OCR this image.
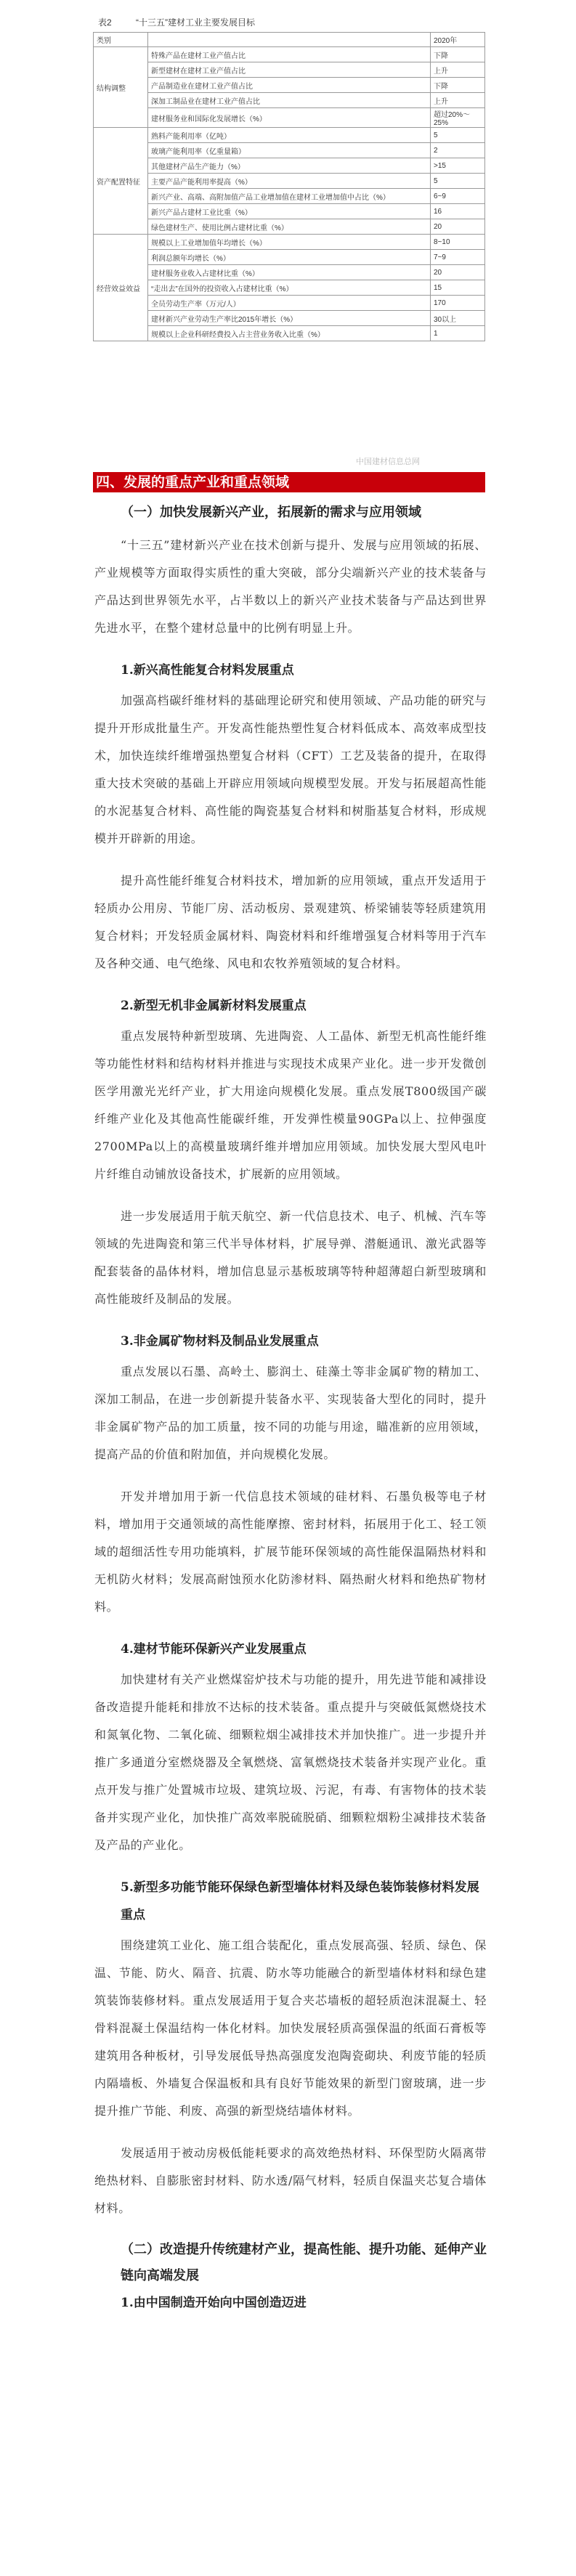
表2	“十三五”建材工业主要发展目标
类别		2020年
结构调整	特殊产品在建材工业产值占比	下降
	新型建材在建材工业产值占比	上升
	产品制造业在建材工业产值占比	下降
	深加工制品业在建材工业产值占比	上升
	建材服务业和国际化发展增长（%）	超过20%～25%
资产配置特征	熟料产能利用率（亿吨）	5
	玻璃产能利用率（亿重量箱）	2
	其他建材产品生产能力（%）	>15
	主要产品产能利用率提高（%）	5
	新兴产业、高端、高附加值产品工业增加值在建材工业增加值中占比（%）	6~9
	新兴产品占建材工业比重（%）	16
	绿色建材生产、使用比例占建材比重（%）	20
经营效益效益	规模以上工业增加值年均增长（%）	8~10
	利润总额年均增长（%）	7~9
	建材服务业收入占建材比重（%）	20
	“走出去”在国外的投资收入占建材比重（%）	15
	全员劳动生产率（万元/人）	170
	建材新兴产业劳动生产率比2015年增长（%）	30以上
	规模以上企业科研经费投入占主营业务收入比重（%）	1
中国建材信息总网
四、发展的重点产业和重点领域
（一）加快发展新兴产业，拓展新的需求与应用领域
“十三五”建材新兴产业在技术创新与提升、发展与应用领域的拓展、产业规模等方面取得实质性的重大突破，部分尖端新兴产业的技术装备与产品达到世界领先水平，占半数以上的新兴产业技术装备与产品达到世界先进水平，在整个建材总量中的比例有明显上升。
1.新兴高性能复合材料发展重点
加强高档碳纤维材料的基础理论研究和使用领域、产品功能的研究与提升开形成批量生产。开发高性能热塑性复合材料低成本、高效率成型技术，加快连续纤维增强热塑复合材料（CFT）工艺及装备的提升，在取得重大技术突破的基础上开辟应用领域向规模型发展。开发与拓展超高性能的水泥基复合材料、高性能的陶瓷基复合材料和树脂基复合材料，形成规模并开辟新的用途。
提升高性能纤维复合材料技术，增加新的应用领域，重点开发适用于轻质办公用房、节能厂房、活动板房、景观建筑、桥梁铺装等轻质建筑用复合材料；开发轻质金属材料、陶瓷材料和纤维增强复合材料等用于汽车及各种交通、电气绝缘、风电和农牧养殖领域的复合材料。
2.新型无机非金属新材料发展重点
重点发展特种新型玻璃、先进陶瓷、人工晶体、新型无机高性能纤维等功能性材料和结构材料并推进与实现技术成果产业化。进一步开发微创医学用激光光纤产业，扩大用途向规模化发展。重点发展T800级国产碳纤维产业化及其他高性能碳纤维，开发弹性模量90GPa以上、拉伸强度2700MPa以上的高模量玻璃纤维并增加应用领域。加快发展大型风电叶片纤维自动铺放设备技术，扩展新的应用领域。
进一步发展适用于航天航空、新一代信息技术、电子、机械、汽车等领域的先进陶瓷和第三代半导体材料，扩展导弹、潜艇通讯、激光武器等配套装备的晶体材料，增加信息显示基板玻璃等特种超薄超白新型玻璃和高性能玻纤及制品的发展。
3.非金属矿物材料及制品业发展重点
重点发展以石墨、高岭土、膨润土、硅藻土等非金属矿物的精加工、深加工制品，在进一步创新提升装备水平、实现装备大型化的同时，提升非金属矿物产品的加工质量，按不同的功能与用途，瞄准新的应用领域，提高产品的价值和附加值，并向规模化发展。
开发并增加用于新一代信息技术领域的硅材料、石墨负极等电子材料，增加用于交通领域的高性能摩擦、密封材料，拓展用于化工、轻工领域的超细活性专用功能填料，扩展节能环保领域的高性能保温隔热材料和无机防火材料；发展高耐蚀预水化防渗材料、隔热耐火材料和绝热矿物材料。
4.建材节能环保新兴产业发展重点
加快建材有关产业燃煤窑炉技术与功能的提升，用先进节能和减排设备改造提升能耗和排放不达标的技术装备。重点提升与突破低氮燃烧技术和氮氧化物、二氧化硫、细颗粒烟尘减排技术并加快推广。进一步提升并推广多通道分室燃烧器及全氧燃烧、富氧燃烧技术装备并实现产业化。重点开发与推广处置城市垃圾、建筑垃圾、污泥，有毒、有害物体的技术装备并实现产业化，加快推广高效率脱硫脱硝、细颗粒烟粉尘减排技术装备及产品的产业化。
5.新型多功能节能环保绿色新型墙体材料及绿色装饰装修材料发展重点
围绕建筑工业化、施工组合装配化，重点发展高强、轻质、绿色、保温、节能、防火、隔音、抗震、防水等功能融合的新型墙体材料和绿色建筑装饰装修材料。重点发展适用于复合夹芯墙板的超轻质泡沫混凝土、轻骨料混凝土保温结构一体化材料。加快发展轻质高强保温的纸面石膏板等建筑用各种板材，引导发展低导热高强度发泡陶瓷砌块、利废节能的轻质内隔墙板、外墙复合保温板和具有良好节能效果的新型门窗玻璃，进一步提升推广节能、利废、高强的新型烧结墙体材料。
发展适用于被动房极低能耗要求的高效绝热材料、环保型防火隔离带绝热材料、自膨胀密封材料、防水透/隔气材料，轻质自保温夹芯复合墙体材料。
（二）改造提升传统建材产业，提高性能、提升功能、延伸产业链向高端发展
1.由中国制造开始向中国创造迈进
